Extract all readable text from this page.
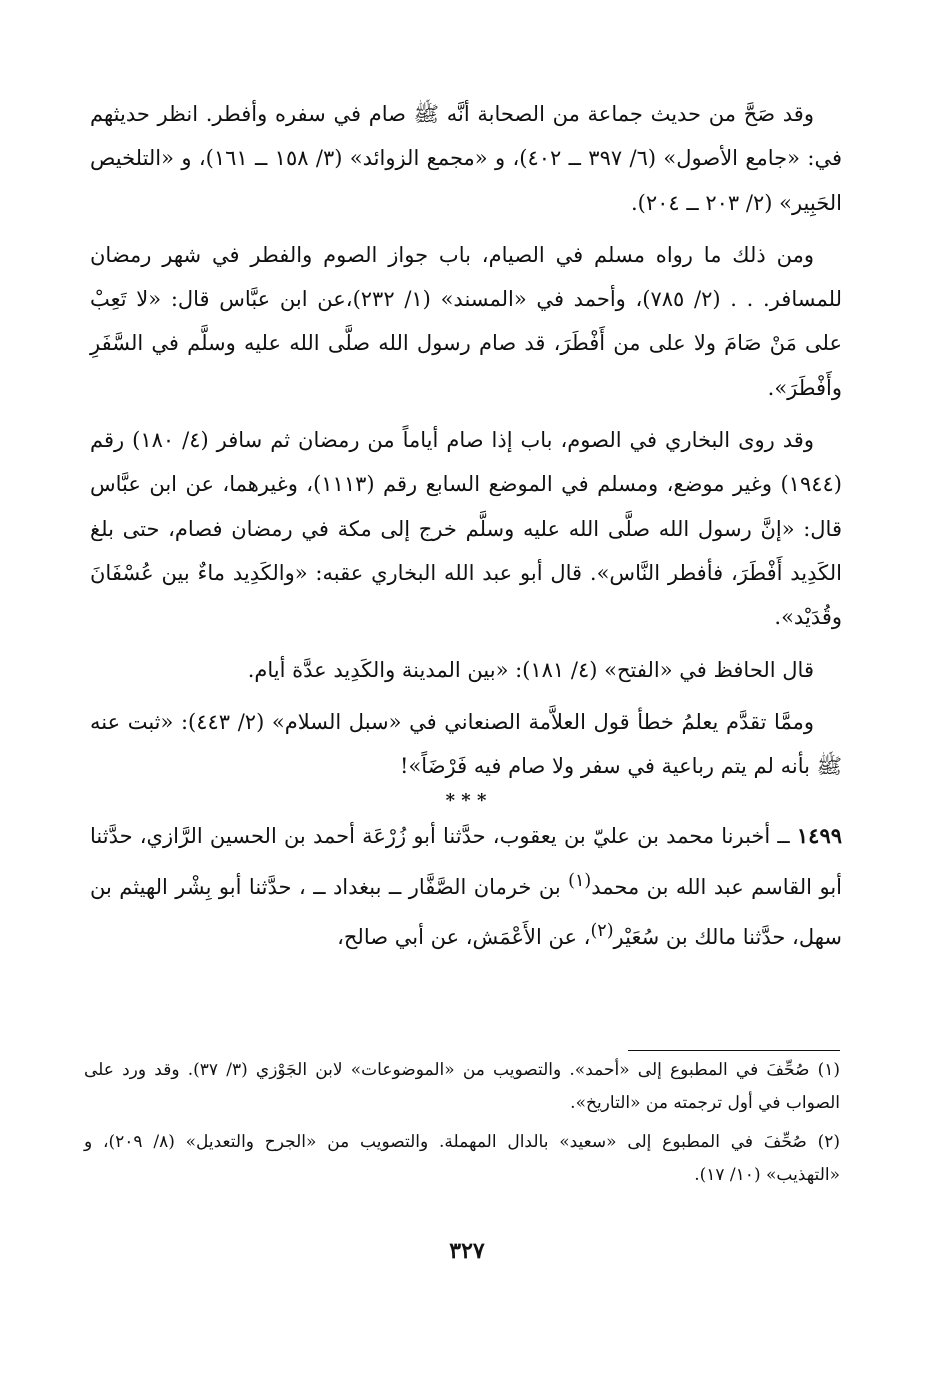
وقد صَحَّ من حديث جماعة من الصحابة أنَّه ﷺ صام في سفره وأفطر. انظر حديثهم في: «جامع الأصول» (٦/ ٣٩٧ ــ ٤٠٢)، و «مجمع الزوائد» (٣/ ١٥٨ ــ ١٦١)، و «التلخيص الحَبِير» (٢/ ٢٠٣ ــ ٢٠٤).

ومن ذلك ما رواه مسلم في الصيام، باب جواز الصوم والفطر في شهر رمضان للمسافر. . . (٢/ ٧٨٥)، وأحمد في «المسند» (١/ ٢٣٢)،عن ابن عبَّاس قال: «لا تَعِبْ على مَنْ صَامَ ولا على من أَفْطَرَ، قد صام رسول الله صلَّى الله عليه وسلَّم في السَّفَرِ وأَفْطَرَ».

وقد روى البخاري في الصوم، باب إذا صام أياماً من رمضان ثم سافر (٤/ ١٨٠) رقم (١٩٤٤) وغير موضع، ومسلم في الموضع السابع رقم (١١١٣)، وغيرهما، عن ابن عبَّاس قال: «إنَّ رسول الله صلَّى الله عليه وسلَّم خرج إلى مكة في رمضان فصام، حتى بلغ الكَدِيد أَفْطَرَ، فأفطر النَّاس». قال أبو عبد الله البخاري عقبه: «والكَدِيد ماءٌ بين عُسْفَانَ وقُدَيْد».

قال الحافظ في «الفتح» (٤/ ١٨١): «بين المدينة والكَدِيد عدَّة أيام.

وممَّا تقدَّم يعلمُ خطأ قول العلاَّمة الصنعاني في «سبل السلام» (٢/ ٤٤٣): «ثبت عنه ﷺ بأنه لم يتم رباعية في سفر ولا صام فيه فَرْضَاً»!

* * *

١٤٩٩ ــ أخبرنا محمد بن عليّ بن يعقوب، حدَّثنا أبو زُرْعَة أحمد بن الحسين الرَّازي، حدَّثنا أبو القاسم عبد الله بن محمد$^{(١)}$ بن خرمان الصَّفَّار ــ ببغداد ــ ، حدَّثنا أبو بِشْر الهيثم بن سهل، حدَّثنا مالك بن سُعَيْر$^{(٢)}$، عن الأَعْمَش، عن أبي صالح،

(١) صُحِّفَ في المطبوع إلى «أحمد». والتصويب من «الموضوعات» لابن الجَوْزي (٣/ ٣٧). وقد ورد على الصواب في أول ترجمته من «التاريخ».

(٢) صُحِّفَ في المطبوع إلى «سعيد» بالدال المهملة. والتصويب من «الجرح والتعديل» (٨/ ٢٠٩)، و «التهذيب» (١٠/ ١٧).

٣٢٧
